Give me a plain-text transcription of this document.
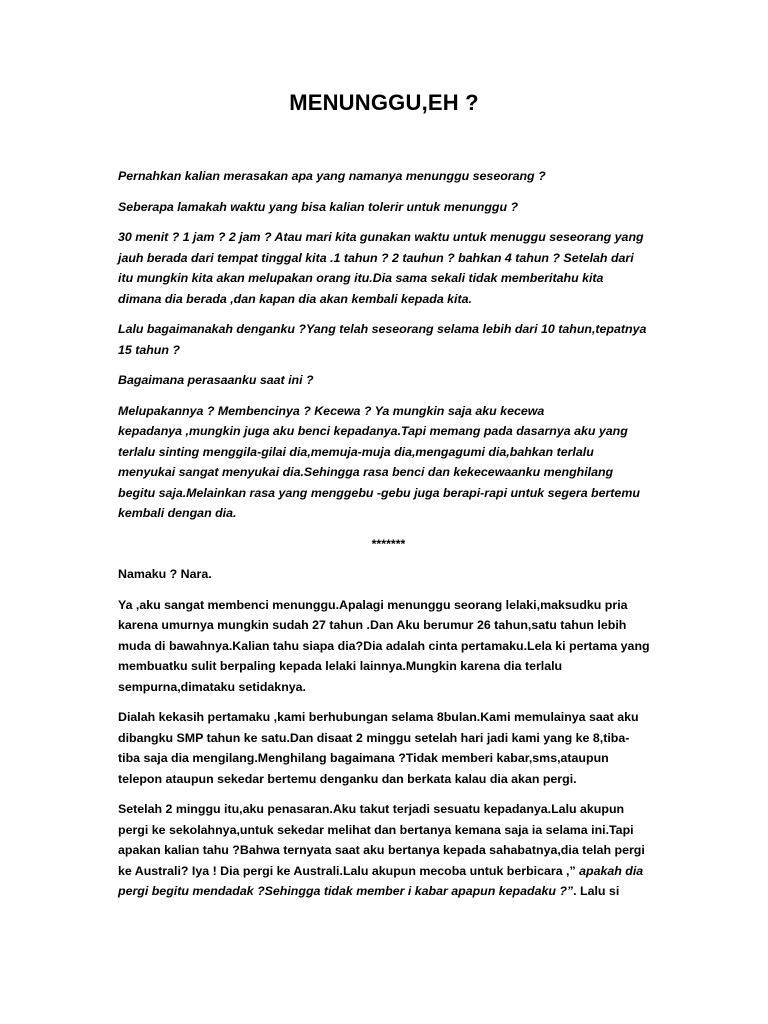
MENUNGGU,EH ?

Pernahkan kalian merasakan apa yang namanya menunggu seseorang ?

Seberapa lamakah waktu yang bisa kalian tolerir untuk menunggu ?

30 menit ? 1 jam ? 2 jam ? Atau mari kita gunakan waktu untuk menuggu seseorang yang
jauh berada dari tempat tinggal kita .1 tahun ? 2 tauhun ? bahkan 4 tahun ? Setelah dari
itu mungkin kita akan melupakan orang itu.Dia sama sekali tidak memberitahu kita
dimana dia berada ,dan kapan dia akan kembali kepada kita.

Lalu bagaimanakah denganku ?Yang telah seseorang selama lebih dari 10 tahun,tepatnya
15 tahun ?

Bagaimana perasaanku saat ini ?

Melupakannya ? Membencinya ? Kecewa ? Ya mungkin saja aku kecewa
kepadanya ,mungkin juga aku benci kepadanya.Tapi memang pada dasarnya aku yang
terlalu sinting menggila-gilai dia,memuja-muja dia,mengagumi dia,bahkan terlalu
menyukai sangat menyukai dia.Sehingga rasa benci dan kekecewaanku menghilang
begitu saja.Melainkan rasa yang menggebu -gebu juga berapi-rapi untuk segera bertemu
kembali dengan dia.

*******

Namaku ? Nara.

Ya ,aku sangat membenci menunggu.Apalagi menunggu seorang lelaki,maksudku pria
karena umurnya mungkin sudah 27 tahun .Dan Aku berumur 26 tahun,satu tahun lebih
muda di bawahnya.Kalian tahu siapa dia?Dia adalah cinta pertamaku.Lela ki pertama yang
membuatku sulit berpaling kepada lelaki lainnya.Mungkin karena dia terlalu
sempurna,dimataku setidaknya.

Dialah kekasih pertamaku ,kami berhubungan selama 8bulan.Kami memulainya saat aku
dibangku SMP tahun ke satu.Dan disaat 2 minggu setelah hari jadi kami yang ke 8,tiba-
tiba saja dia mengilang.Menghilang bagaimana ?Tidak memberi kabar,sms,ataupun
telepon ataupun sekedar bertemu denganku dan berkata kalau dia akan pergi.

Setelah 2 minggu itu,aku penasaran.Aku takut terjadi sesuatu kepadanya.Lalu akupun
pergi ke sekolahnya,untuk sekedar melihat dan bertanya kemana saja ia selama ini.Tapi
apakan kalian tahu ?Bahwa ternyata saat aku bertanya kepada sahabatnya,dia telah pergi
ke Australi? Iya ! Dia pergi ke Australi.Lalu akupun mecoba untuk berbicara ,” apakah dia
pergi begitu mendadak ?Sehingga tidak member i kabar apapun kepadaku ?”. Lalu si
